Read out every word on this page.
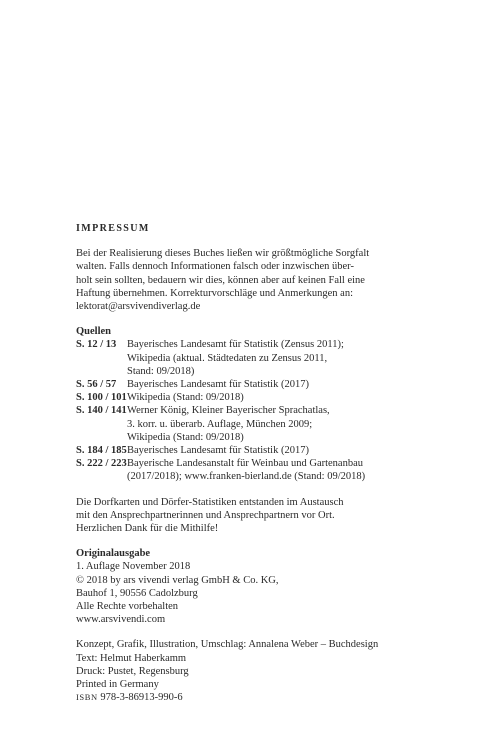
IMPRESSUM
Bei der Realisierung dieses Buches ließen wir größtmögliche Sorgfalt
walten. Falls dennoch Informationen falsch oder inzwischen über-
holt sein sollten, bedauern wir dies, können aber auf keinen Fall eine
Haftung übernehmen. Korrekturvorschläge und Anmerkungen an:
lektorat@arsvivendiverlag.de
Quellen
S. 12 / 13	Bayerisches Landesamt für Statistik (Zensus 2011);
Wikipedia (aktual. Städtedaten zu Zensus 2011,
Stand: 09/2018)
S. 56 / 57	Bayerisches Landesamt für Statistik (2017)
S. 100 / 101 Wikipedia (Stand: 09/2018)
S. 140 / 141 Werner König, Kleiner Bayerischer Sprachatlas,
3. korr. u. überarb. Auflage, München 2009;
Wikipedia (Stand: 09/2018)
S. 184 / 185 Bayerisches Landesamt für Statistik (2017)
S. 222 / 223 Bayerische Landesanstalt für Weinbau und Gartenanbau
(2017/2018); www.franken-bierland.de (Stand: 09/2018)
Die Dorfkarten und Dörfer-Statistiken entstanden im Austausch
mit den Ansprechpartnerinnen und Ansprechpartnern vor Ort.
Herzlichen Dank für die Mithilfe!
Originalausgabe
1. Auflage November 2018
© 2018 by ars vivendi verlag GmbH & Co. KG,
Bauhof 1, 90556 Cadolzburg
Alle Rechte vorbehalten
www.arsvivendi.com
Konzept, Grafik, Illustration, Umschlag: Annalena Weber – Buchdesign
Text: Helmut Haberkamm
Druck: Pustet, Regensburg
Printed in Germany
ISBN 978-3-86913-990-6
